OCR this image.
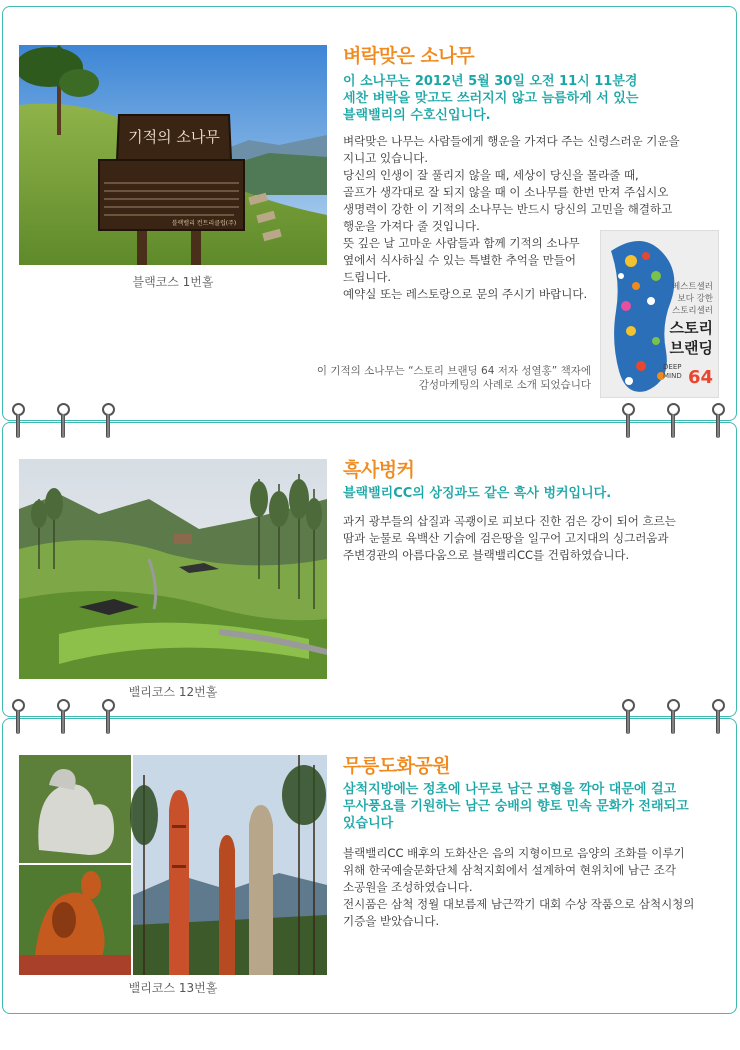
기적의 소나무
블랙밸리 컨트리클럽(주)
블랙코스 1번홀
벼락맞은 소나무

이 소나무는 2012년 5월 30일 오전 11시 11분경
세찬 벼락을 맞고도 쓰러지지 않고 늠름하게 서 있는
블랙밸리의 수호신입니다.

벼락맞은 나무는 사람들에게 행운을 가져다 주는 신령스러운 기운을
지니고 있습니다.
당신의 인생이 잘 풀리지 않을 때, 세상이 당신을 몰라줄 때,
골프가 생각대로 잘 되지 않을 때 이 소나무를 한번 만져 주십시오
생명력이 강한 이 기적의 소나무는 반드시 당신의 고민을 해결하고
행운을 가져다 줄 것입니다.
뜻 깊은 날 고마운 사람들과 함께 기적의 소나무
옆에서 식사하실 수 있는 특별한 추억을 만들어
드립니다.
예약실 또는 레스토랑으로 문의 주시기 바랍니다.

이 기적의 소나무는 “스토리 브랜딩 64 저자 성열홍” 책자에
감성마케팅의 사례로 소개 되었습니다

베스트셀러
보다 강한
스토리셀러
스토리
브랜딩
DEEP
MIND 64
밸리코스 12번홀
흑사벙커

블랙밸리CC의 상징과도 같은 흑사 벙커입니다.

과거 광부들의 삽질과 곡괭이로 피보다 진한 검은 강이 되어 흐르는
땀과 눈물로 육백산 기슭에 검은땅을 일구어 고지대의 싱그러움과
주변경관의 아름다움으로 블랙밸리CC를 건립하였습니다.

밸리코스 13번홀
무릉도화공원

삼척지방에는 정초에 나무로 남근 모형을 깍아 대문에 걸고
무사풍요를 기원하는 남근 숭배의 향토 민속 문화가 전래되고
있습니다

블랙밸리CC 배후의 도화산은 음의 지형이므로 음양의 조화를 이루기
위해 한국예술문화단체 삼척지회에서 설계하여 현위치에 남근 조각
소공원을 조성하였습니다.
전시품은 삼척 정월 대보름제 남근깍기 대회 수상 작품으로 삼척시청의
기증을 받았습니다.
